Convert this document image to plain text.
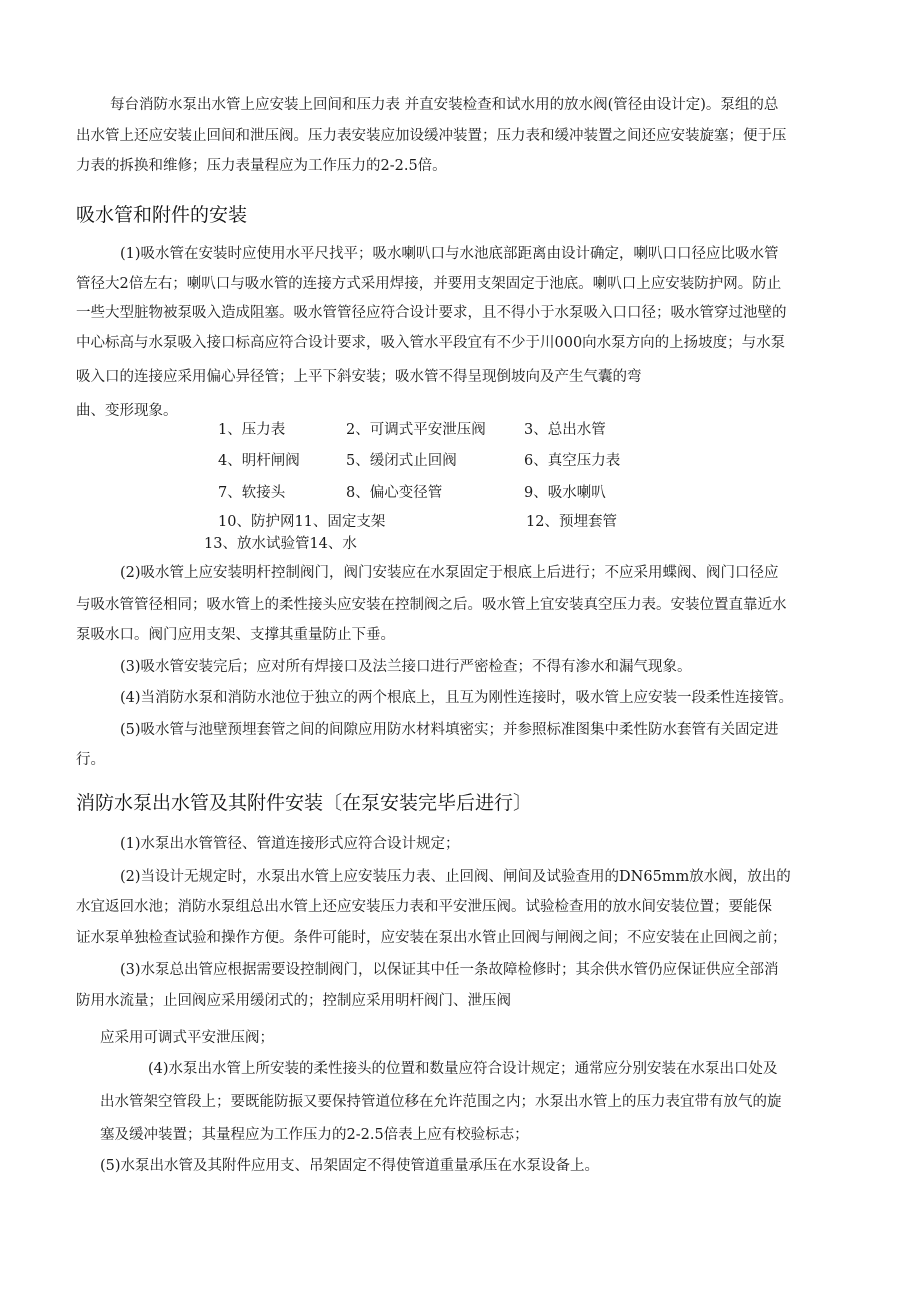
每台消防水泵出水管上应安装上回间和压力表 并直安装检查和试水用的放水阀(管径由设计定)。泵组的总
出水管上还应安装止回间和泄压阀。压力表安装应加设缓冲装置；压力表和缓冲装置之间还应安装旋塞；便于压
力表的拆换和维修；压力表量程应为工作压力的2-2.5倍。
吸水管和附件的安装
(1)吸水管在安装时应使用水平尺找平；吸水喇叭口与水池底部距离由设计确定，喇叭口口径应比吸水管
管径大2倍左右；喇叭口与吸水管的连接方式采用焊接，并要用支架固定于池底。喇叭口上应安装防护网。防止
一些大型脏物被泵吸入造成阻塞。吸水管管径应符合设计要求，且不得小于水泵吸入口口径；吸水管穿过池壁的
中心标高与水泵吸入接口标高应符合设计要求，吸入管水平段宜有不少于川000向水泵方向的上扬坡度；与水泵
吸入口的连接应采用偏心异径管；上平下斜安装；吸水管不得呈现倒坡向及产生气囊的弯
曲、变形现象。
1、压力表	2、可调式平安泄压阀	3、总出水管
4、明杆闸阀	5、缓闭式止回阀	6、真空压力表
7、软接头	8、偏心变径管	9、吸水喇叭
10、防护网11、固定支架	12、预埋套管
13、放水试验管14、水
(2)吸水管上应安装明杆控制阀门，阀门安装应在水泵固定于根底上后进行；不应采用蝶阀、阀门口径应
与吸水管管径相同；吸水管上的柔性接头应安装在控制阀之后。吸水管上宜安装真空压力表。安装位置直靠近水
泵吸水口。阀门应用支架、支撑其重量防止下垂。
(3)吸水管安装完后；应对所有焊接口及法兰接口进行严密检查；不得有渗水和漏气现象。
(4)当消防水泵和消防水池位于独立的两个根底上，且互为刚性连接时，吸水管上应安装一段柔性连接管。
(5)吸水管与池壁预埋套管之间的间隙应用防水材料填密实；并参照标准图集中柔性防水套管有关固定进
行。
消防水泵出水管及其附件安装〔在泵安装完毕后进行〕
(1)水泵出水管管径、管道连接形式应符合设计规定；
(2)当设计无规定时，水泵出水管上应安装压力表、止回阀、闸间及试验查用的DN65mm放水阀，放出的
水宜返回水池；消防水泵组总出水管上还应安装压力表和平安泄压阀。试验检查用的放水间安装位置；要能保
证水泵单独检查试验和操作方便。条件可能时，应安装在泵出水管止回阀与闸阀之间；不应安装在止回阀之前；
(3)水泵总出管应根据需要设控制阀门，以保证其中任一条故障检修时；其余供水管仍应保证供应全部消
防用水流量；止回阀应采用缓闭式的；控制应采用明杆阀门、泄压阀
应采用可调式平安泄压阀；
(4)水泵出水管上所安装的柔性接头的位置和数量应符合设计规定；通常应分别安装在水泵出口处及
出水管架空管段上；要既能防振又要保持管道位移在允许范围之内；水泵出水管上的压力表宜带有放气的旋
塞及缓冲装置；其量程应为工作压力的2-2.5倍表上应有校验标志；
(5)水泵出水管及其附件应用支、吊架固定不得使管道重量承压在水泵设备上。
